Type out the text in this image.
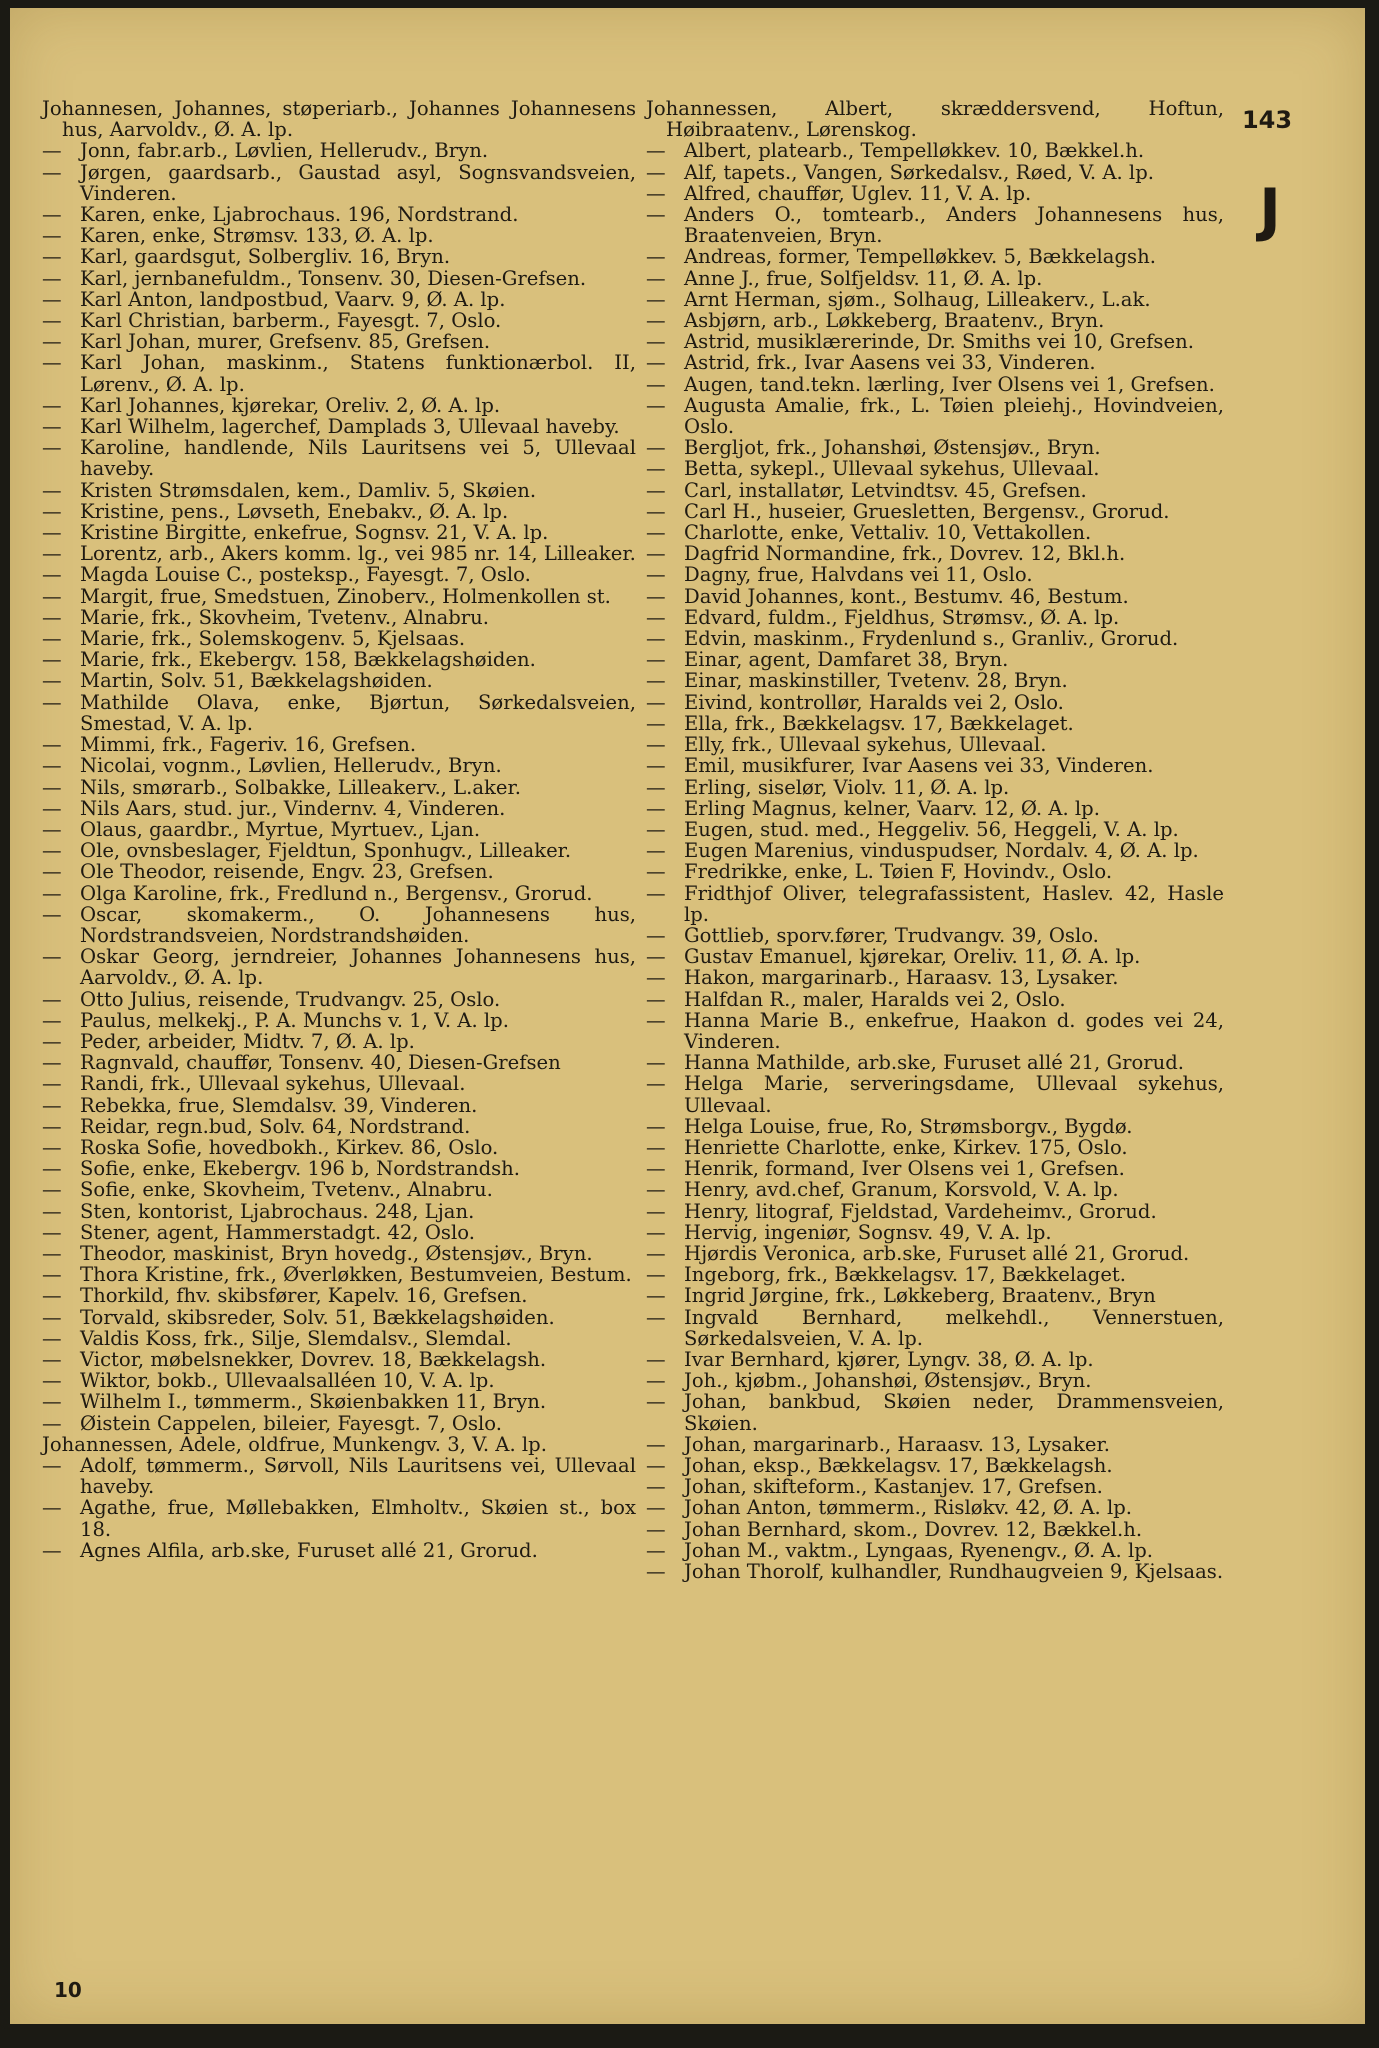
Johannesen, Johannes, støperiarb., Johannes Johannesens hus, Aarvoldv., Ø. A. lp.
— Jonn, fabr.arb., Løvlien, Hellerudv., Bryn.
— Jørgen, gaardsarb., Gaustad asyl, Sognsvandsveien, Vinderen.
— Karen, enke, Ljabrochaus. 196, Nordstrand.
— Karen, enke, Strømsv. 133, Ø. A. lp.
— Karl, gaardsgut, Solbergliv. 16, Bryn.
— Karl, jernbanefuldm., Tonsenv. 30, Diesen-Grefsen.
— Karl Anton, landpostbud, Vaarv. 9, Ø. A. lp.
— Karl Christian, barberm., Fayesgt. 7, Oslo.
— Karl Johan, murer, Grefsenv. 85, Grefsen.
— Karl Johan, maskinm., Statens funktionærbol. II, Lørenv., Ø. A. lp.
— Karl Johannes, kjørekar, Oreliv. 2, Ø. A. lp.
— Karl Wilhelm, lagerchef, Damplads 3, Ullevaal haveby.
— Karoline, handlende, Nils Lauritsens vei 5, Ullevaal haveby.
— Kristen Strømsdalen, kem., Damliv. 5, Skøien.
— Kristine, pens., Løvseth, Enebakv., Ø. A. lp.
— Kristine Birgitte, enkefrue, Sognsv. 21, V. A. lp.
— Lorentz, arb., Akers komm. lg., vei 985 nr. 14, Lilleaker.
— Magda Louise C., posteksp., Fayesgt. 7, Oslo.
— Margit, frue, Smedstuen, Zinoberv., Holmenkollen st.
— Marie, frk., Skovheim, Tvetenv., Alnabru.
— Marie, frk., Solemskogenv. 5, Kjelsaas.
— Marie, frk., Ekebergv. 158, Bækkelagshøiden.
— Martin, Solv. 51, Bækkelagshøiden.
— Mathilde Olava, enke, Bjørtun, Sørkedalsveien, Smestad, V. A. lp.
— Mimmi, frk., Fageriv. 16, Grefsen.
— Nicolai, vognm., Løvlien, Hellerudv., Bryn.
— Nils, smørarb., Solbakke, Lilleakerv., L.aker.
— Nils Aars, stud. jur., Vindernv. 4, Vinderen.
— Olaus, gaardbr., Myrtue, Myrtuev., Ljan.
— Ole, ovnsbeslager, Fjeldtun, Sponhugv., Lilleaker.
— Ole Theodor, reisende, Engv. 23, Grefsen.
— Olga Karoline, frk., Fredlund n., Bergensv., Grorud.
— Oscar, skomakerm., O. Johannesens hus, Nordstrandsveien, Nordstrandshøiden.
— Oskar Georg, jerndreier, Johannes Johannesens hus, Aarvoldv., Ø. A. lp.
— Otto Julius, reisende, Trudvangv. 25, Oslo.
— Paulus, melkekj., P. A. Munchs v. 1, V. A. lp.
— Peder, arbeider, Midtv. 7, Ø. A. lp.
— Ragnvald, chauffør, Tonsenv. 40, Diesen-Grefsen
— Randi, frk., Ullevaal sykehus, Ullevaal.
— Rebekka, frue, Slemdalsv. 39, Vinderen.
— Reidar, regn.bud, Solv. 64, Nordstrand.
— Roska Sofie, hovedbokh., Kirkev. 86, Oslo.
— Sofie, enke, Ekebergv. 196 b, Nordstrandsh.
— Sofie, enke, Skovheim, Tvetenv., Alnabru.
— Sten, kontorist, Ljabrochaus. 248, Ljan.
— Stener, agent, Hammerstadgt. 42, Oslo.
— Theodor, maskinist, Bryn hovedg., Østensjøv., Bryn.
— Thora Kristine, frk., Øverløkken, Bestumveien, Bestum.
— Thorkild, fhv. skibsfører, Kapelv. 16, Grefsen.
— Torvald, skibsreder, Solv. 51, Bækkelagshøiden.
— Valdis Koss, frk., Silje, Slemdalsv., Slemdal.
— Victor, møbelsnekker, Dovrev. 18, Bækkelagsh.
— Wiktor, bokb., Ullevaalsalléen 10, V. A. lp.
— Wilhelm I., tømmerm., Skøienbakken 11, Bryn.
— Øistein Cappelen, bileier, Fayesgt. 7, Oslo.
Johannessen, Adele, oldfrue, Munkengv. 3, V. A. lp.
— Adolf, tømmerm., Sørvoll, Nils Lauritsens vei, Ullevaal haveby.
— Agathe, frue, Møllebakken, Elmholtv., Skøien st., box 18.
— Agnes Alfila, arb.ske, Furuset allé 21, Grorud.
Johannessen, Albert, skræddersvend, Hoftun, Høibraatenv., Lørenskog.
— Albert, platearb., Tempelløkkev. 10, Bækkel.h.
— Alf, tapets., Vangen, Sørkedalsv., Røed, V. A. lp.
— Alfred, chauffør, Uglev. 11, V. A. lp.
— Anders O., tomtearb., Anders Johannesens hus, Braatenveien, Bryn.
— Andreas, former, Tempelløkkev. 5, Bækkelagsh.
— Anne J., frue, Solfjeldsv. 11, Ø. A. lp.
— Arnt Herman, sjøm., Solhaug, Lilleakerv., L.ak.
— Asbjørn, arb., Løkkeberg, Braatenv., Bryn.
— Astrid, musiklærerinde, Dr. Smiths vei 10, Grefsen.
— Astrid, frk., Ivar Aasens vei 33, Vinderen.
— Augen, tand.tekn. lærling, Iver Olsens vei 1, Grefsen.
— Augusta Amalie, frk., L. Tøien pleiehj., Hovindveien, Oslo.
— Bergljot, frk., Johanshøi, Østensjøv., Bryn.
— Betta, sykepl., Ullevaal sykehus, Ullevaal.
— Carl, installatør, Letvindtsv. 45, Grefsen.
— Carl H., huseier, Gruesletten, Bergensv., Grorud.
— Charlotte, enke, Vettaliv. 10, Vettakollen.
— Dagfrid Normandine, frk., Dovrev. 12, Bkl.h.
— Dagny, frue, Halvdans vei 11, Oslo.
— David Johannes, kont., Bestumv. 46, Bestum.
— Edvard, fuldm., Fjeldhus, Strømsv., Ø. A. lp.
— Edvin, maskinm., Frydenlund s., Granliv., Grorud.
— Einar, agent, Damfaret 38, Bryn.
— Einar, maskinstiller, Tvetenv. 28, Bryn.
— Eivind, kontrollør, Haralds vei 2, Oslo.
— Ella, frk., Bækkelagsv. 17, Bækkelaget.
— Elly, frk., Ullevaal sykehus, Ullevaal.
— Emil, musikfurer, Ivar Aasens vei 33, Vinderen.
— Erling, siselør, Violv. 11, Ø. A. lp.
— Erling Magnus, kelner, Vaarv. 12, Ø. A. lp.
— Eugen, stud. med., Heggeliv. 56, Heggeli, V. A. lp.
— Eugen Marenius, vinduspudser, Nordalv. 4, Ø. A. lp.
— Fredrikke, enke, L. Tøien F, Hovindv., Oslo.
— Fridthjof Oliver, telegrafassistent, Haslev. 42, Hasle lp.
— Gottlieb, sporv.fører, Trudvangv. 39, Oslo.
— Gustav Emanuel, kjørekar, Oreliv. 11, Ø. A. lp.
— Hakon, margarinarb., Haraasv. 13, Lysaker.
— Halfdan R., maler, Haralds vei 2, Oslo.
— Hanna Marie B., enkefrue, Haakon d. godes vei 24, Vinderen.
— Hanna Mathilde, arb.ske, Furuset allé 21, Grorud.
— Helga Marie, serveringsdame, Ullevaal sykehus, Ullevaal.
— Helga Louise, frue, Ro, Strømsborgv., Bygdø.
— Henriette Charlotte, enke, Kirkev. 175, Oslo.
— Henrik, formand, Iver Olsens vei 1, Grefsen.
— Henry, avd.chef, Granum, Korsvold, V. A. lp.
— Henry, litograf, Fjeldstad, Vardeheimv., Grorud.
— Hervig, ingeniør, Sognsv. 49, V. A. lp.
— Hjørdis Veronica, arb.ske, Furuset allé 21, Grorud.
— Ingeborg, frk., Bækkelagsv. 17, Bækkelaget.
— Ingrid Jørgine, frk., Løkkeberg, Braatenv., Bryn
— Ingvald Bernhard, melkehdl., Vennerstuen, Sørkedalsveien, V. A. lp.
— Ivar Bernhard, kjører, Lyngv. 38, Ø. A. lp.
— Joh., kjøbm., Johanshøi, Østensjøv., Bryn.
— Johan, bankbud, Skøien neder, Drammensveien, Skøien.
— Johan, margarinarb., Haraasv. 13, Lysaker.
— Johan, eksp., Bækkelagsv. 17, Bækkelagsh.
— Johan, skifteform., Kastanjev. 17, Grefsen.
— Johan Anton, tømmerm., Risløkv. 42, Ø. A. lp.
— Johan Bernhard, skom., Dovrev. 12, Bækkel.h.
— Johan M., vaktm., Lyngaas, Ryenengv., Ø. A. lp.
— Johan Thorolf, kulhandler, Rundhaugveien 9, Kjelsaas.
143
J
10
